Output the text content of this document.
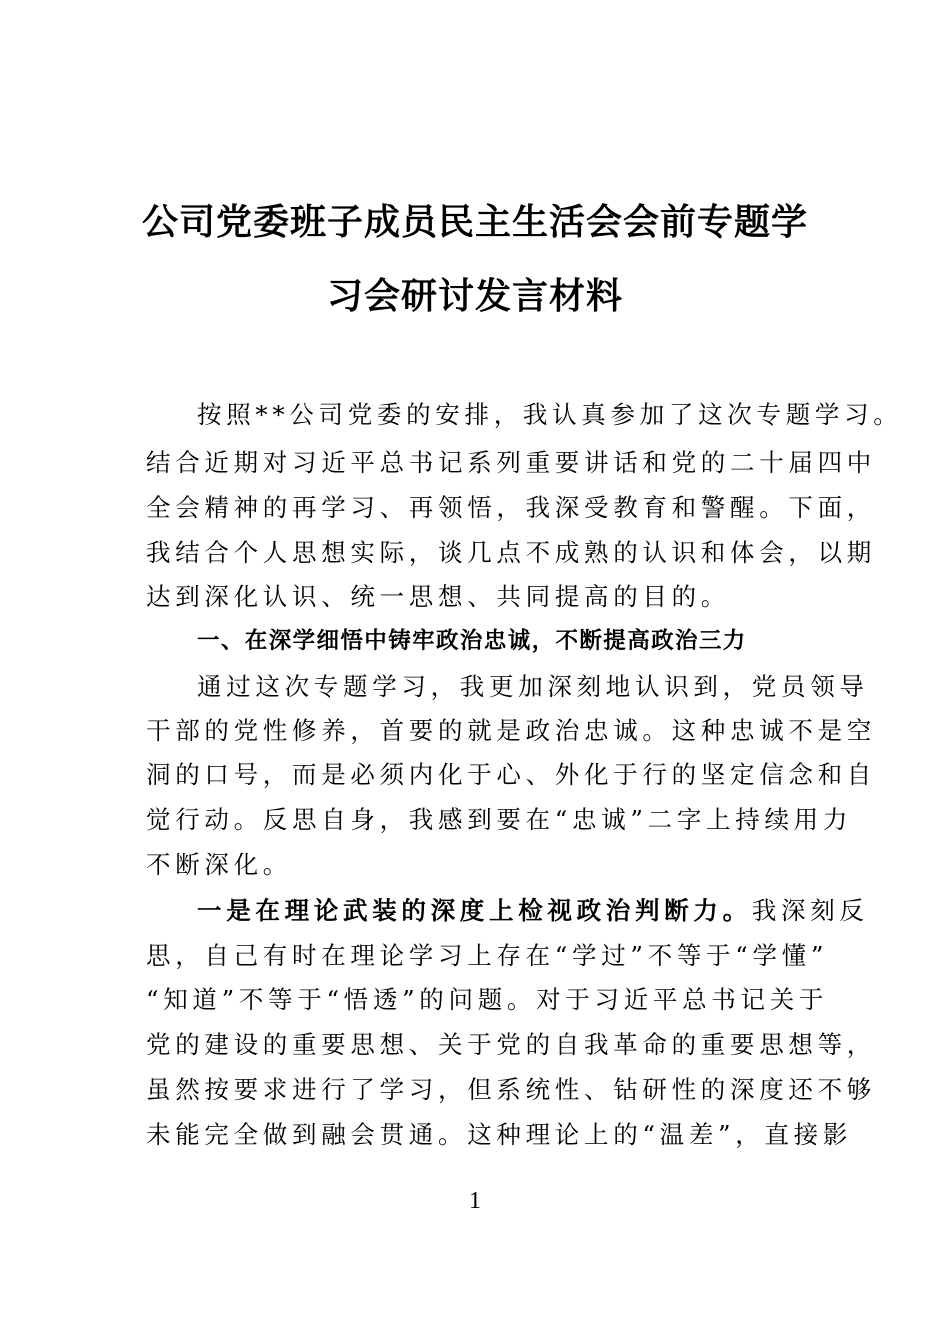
公司党委班子成员民主生活会会前专题学
习会研讨发言材料
按照**公司党委的安排，我认真参加了这次专题学习。
结合近期对习近平总书记系列重要讲话和党的二十届四中
全会精神的再学习、再领悟，我深受教育和警醒。下面，
我结合个人思想实际，谈几点不成熟的认识和体会，以期
达到深化认识、统一思想、共同提高的目的。
一、在深学细悟中铸牢政治忠诚，不断提高政治三力
通过这次专题学习，我更加深刻地认识到，党员领导
干部的党性修养，首要的就是政治忠诚。这种忠诚不是空
洞的口号，而是必须内化于心、外化于行的坚定信念和自
觉行动。反思自身，我感到要在“忠诚”二字上持续用力
不断深化。
一是在理论武装的深度上检视政治判断力。我深刻反
思，自己有时在理论学习上存在“学过”不等于“学懂”
“知道”不等于“悟透”的问题。对于习近平总书记关于
党的建设的重要思想、关于党的自我革命的重要思想等，
虽然按要求进行了学习，但系统性、钻研性的深度还不够
未能完全做到融会贯通。这种理论上的“温差”，直接影
1
